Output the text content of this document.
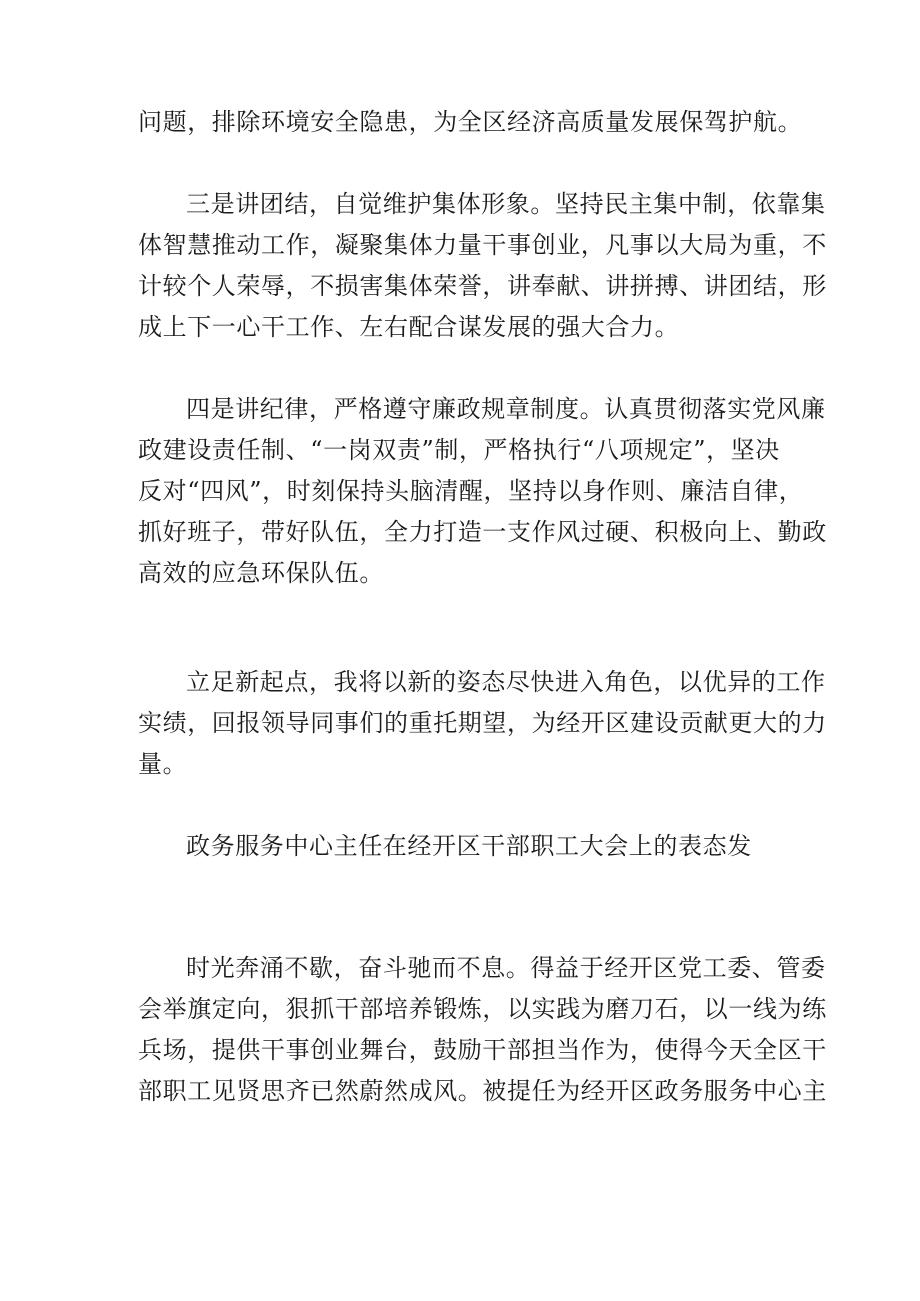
问题，排除环境安全隐患，为全区经济高质量发展保驾护航。
三是讲团结，自觉维护集体形象。坚持民主集中制，依靠集
体智慧推动工作，凝聚集体力量干事创业，凡事以大局为重，不
计较个人荣辱，不损害集体荣誉，讲奉献、讲拼搏、讲团结，形
成上下一心干工作、左右配合谋发展的强大合力。
四是讲纪律，严格遵守廉政规章制度。认真贯彻落实党风廉
政建设责任制、“一岗双责”制，严格执行“八项规定”，坚决
反对“四风”，时刻保持头脑清醒，坚持以身作则、廉洁自律，
抓好班子，带好队伍，全力打造一支作风过硬、积极向上、勤政
高效的应急环保队伍。
立足新起点，我将以新的姿态尽快进入角色，以优异的工作
实绩，回报领导同事们的重托期望，为经开区建设贡献更大的力
量。
政务服务中心主任在经开区干部职工大会上的表态发
时光奔涌不歇，奋斗驰而不息。得益于经开区党工委、管委
会举旗定向，狠抓干部培养锻炼，以实践为磨刀石，以一线为练
兵场，提供干事创业舞台，鼓励干部担当作为，使得今天全区干
部职工见贤思齐已然蔚然成风。被提任为经开区政务服务中心主
